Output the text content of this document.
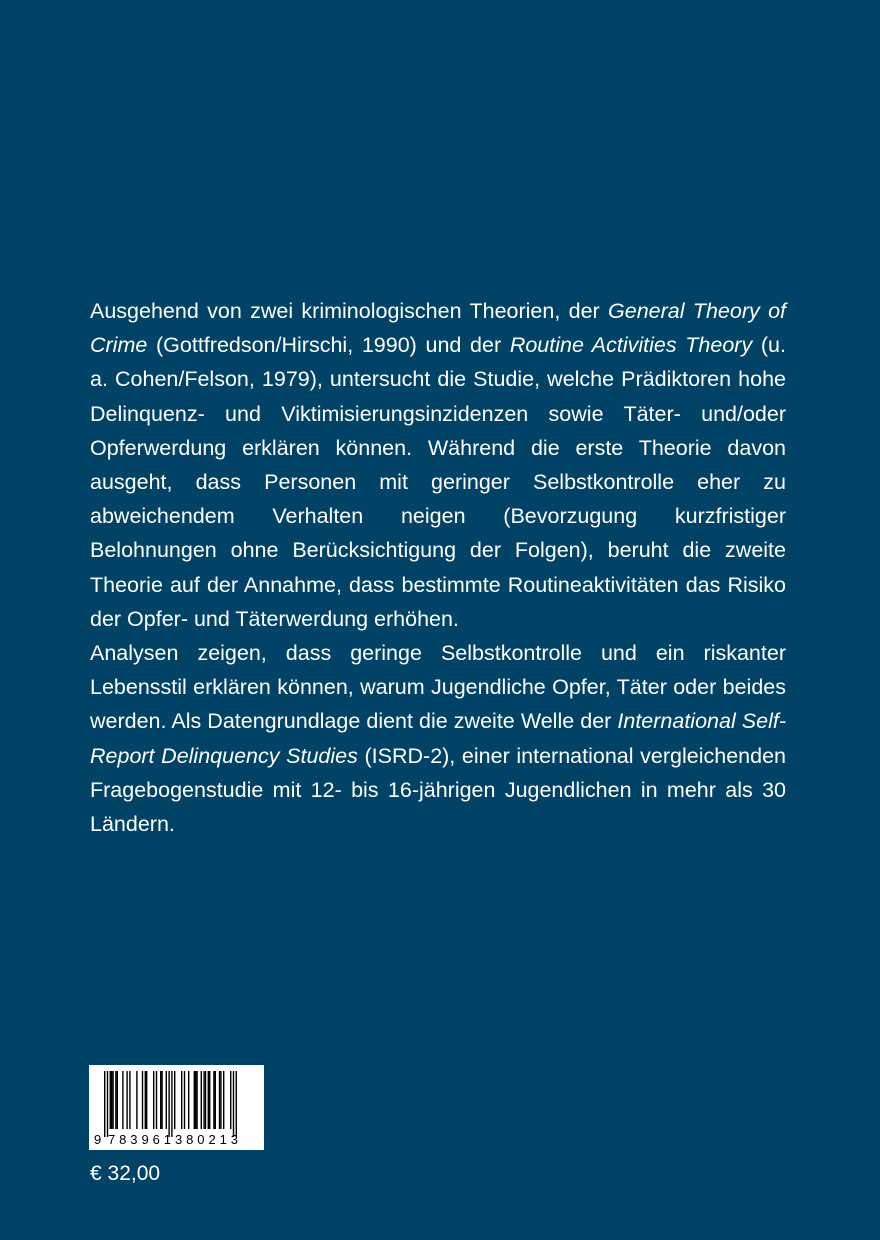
Ausgehend von zwei kriminologischen Theorien, der General Theory of Crime (Gottfredson/Hirschi, 1990) und der Routine Activities Theory (u. a. Cohen/Felson, 1979), untersucht die Studie, welche Prädiktoren hohe Delinquenz- und Viktimisierungsinzidenzen sowie Täter- und/oder Opferwerdung erklären können. Während die erste Theorie davon ausgeht, dass Personen mit geringer Selbstkontrolle eher zu abweichendem Verhalten neigen (Bevorzugung kurzfristiger Belohnungen ohne Berücksichtigung der Folgen), beruht die zweite Theorie auf der Annahme, dass bestimmte Routineaktivitäten das Risiko der Opfer- und Täterwerdung erhöhen.

Analysen zeigen, dass geringe Selbstkontrolle und ein riskanter Lebensstil erklären können, warum Jugendliche Opfer, Täter oder beides werden. Als Datengrundlage dient die zweite Welle der International Self-Report Delinquency Studies (ISRD-2), einer international vergleichenden Fragebogenstudie mit 12- bis 16-jährigen Jugendlichen in mehr als 30 Ländern.

9 783961 380213
€ 32,00
